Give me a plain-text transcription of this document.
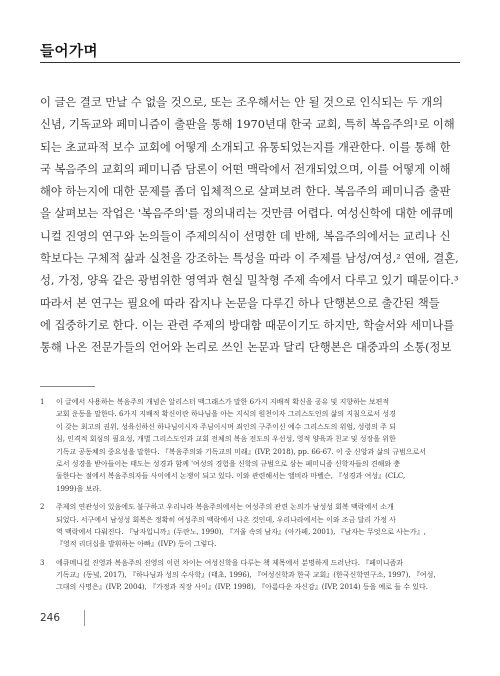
들어가며
이 글은 결코 만날 수 없을 것으로, 또는 조우해서는 안 될 것으로 인식되는 두 개의
신념, 기독교와 페미니즘이 출판을 통해 1970년대 한국 교회, 특히 복음주의¹로 이해
되는 초교파적 보수 교회에 어떻게 소개되고 유통되었는지를 개관한다. 이를 통해 한
국 복음주의 교회의 페미니즘 담론이 어떤 맥락에서 전개되었으며, 이를 어떻게 이해
해야 하는지에 대한 문제를 좀더 입체적으로 살펴보려 한다. 복음주의 페미니즘 출판
을 살펴보는 작업은 '복음주의'를 정의내리는 것만큼 어렵다. 여성신학에 대한 에큐메
니컬 진영의 연구와 논의들이 주제의식이 선명한 데 반해, 복음주의에서는 교리나 신
학보다는 구체적 삶과 실천을 강조하는 특성을 따라 이 주제를 남성/여성,² 연애, 결혼,
성, 가정, 양육 같은 광범위한 영역과 현실 밀착형 주제 속에서 다루고 있기 때문이다.³
따라서 본 연구는 필요에 따라 잡지나 논문을 다루긴 하나 단행본으로 출간된 책들
에 집중하기로 한다. 이는 관련 주제의 방대함 때문이기도 하지만, 학술서와 세미나를
통해 나온 전문가들의 언어와 논리로 쓰인 논문과 달리 단행본은 대중과의 소통(정보
1	이 글에서 사용하는 복음주의 개념은 알리스터 맥그래스가 말한 6가지 지배적 확신을 공유 및 지향하는 보편적
교회 운동을 말한다. 6가지 지배적 확신이란 하나님을 아는 지식의 원천이자 그리스도인의 삶의 지침으로서 성경
이 갖는 최고의 권위, 성육신하신 하나님이시자 주님이시며 죄인의 구주이신 예수 그리스도의 위엄, 성령의 주 되
심, 인격적 회심의 필요성, 개별 그리스도인과 교회 전체의 복음 전도의 우선성, 영적 양육과 친교 및 성장을 위한
기독교 공동체의 중요성을 말한다. 『복음주의와 기독교의 미래』(IVP, 2018), pp. 66-67. 이 중 신앙과 삶의 규범으로서
로서 성경을 받아들이는 태도는 성경과 함께 '여성의 경험을 신학의 규범으로 삼는 페미니즘 신학자들의 견해와 충
돌한다는 점에서 복음주의자들 사이에서 논쟁이 되고 있다. 이와 관련해서는 엘비라 마벨슨, 『성경과 여성』(CLC,
1999)을 보라.
2	주제의 연관성이 있음에도 불구하고 우리나라 복음주의에서는 여성주의 관련 논의가 남성성 회복 맥락에서 소개
되었다. 서구에서 남성성 회복은 정확히 여성주의 맥락에서 나온 것인데, 우리나라에서는 이와 조금 달리 가정 사
역 맥락에서 다뤄진다. 『남자입니까』(두란노, 1990), 『거울 속의 남자』(아가페, 2001), 『남자는 무엇으로 사는가』,
『영적 리더십을 발휘하는 아빠』(IVP) 등이 그렇다.
3	에큐메니컬 진영과 복음주의 진영의 이런 차이는 여성신학을 다루는 책 제목에서 분명하게 드러난다. 『페미니즘과
기독교』(동녘, 2017), 『하나님과 성의 수사학』(태초, 1996), 『여성신학과 한국 교회』(한국신학연구소, 1997), 『여성,
그대의 사명은』(IVP, 2004), 『가정과 직장 사이』(IVP, 1998), 『아름다운 자신감』(IVP, 2014) 등을 예로 들 수 있다.
246
